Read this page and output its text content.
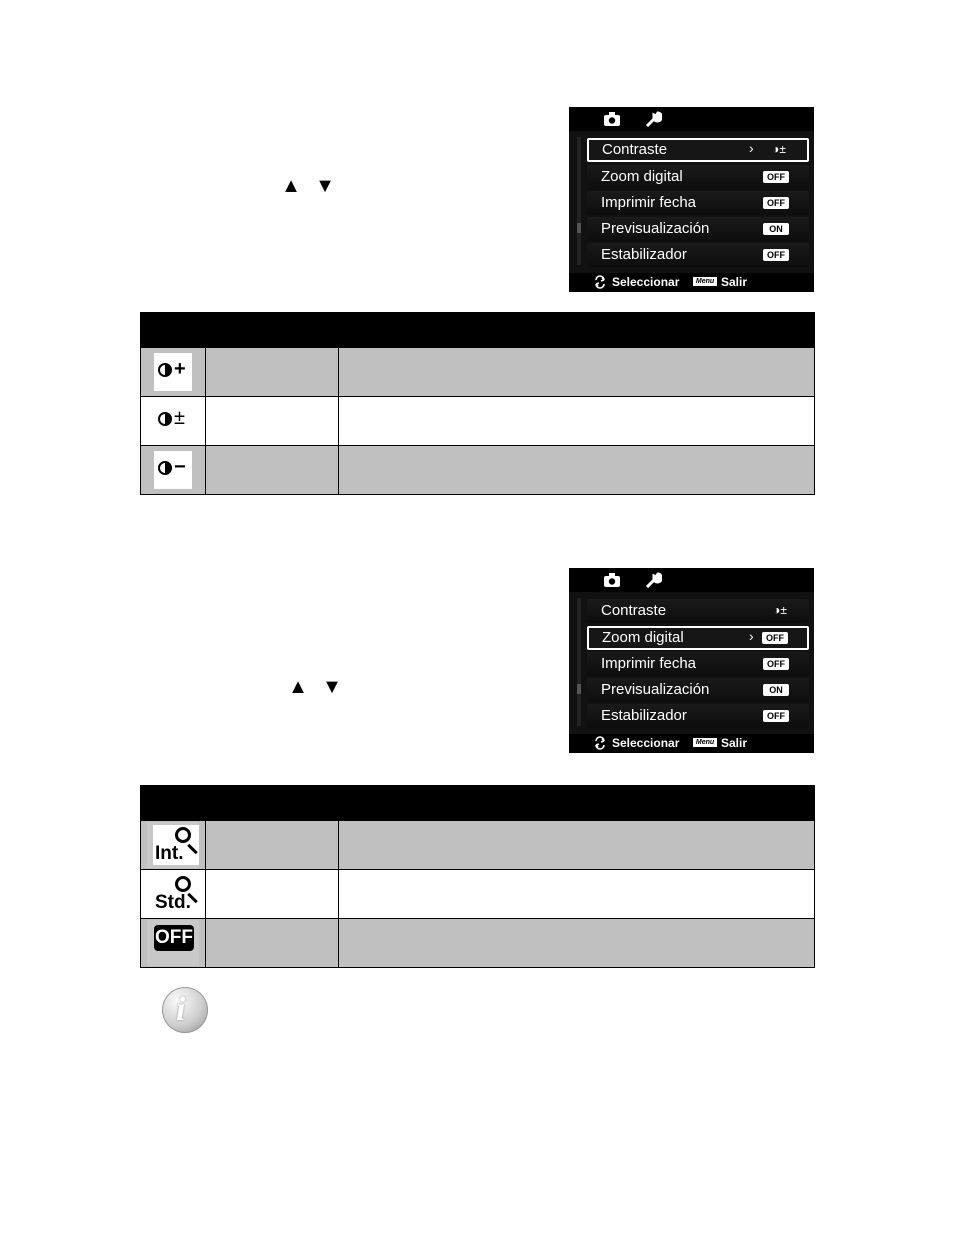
▲ ▼
Contraste	› ◑±
Zoom digital	OFF
Imprimir fecha	OFF
Previsualización	ON
Estabilizador	OFF
Seleccionar	Menu Salir

+		

±		

−		

▲ ▼
Contraste	◑±
Zoom digital	›	OFF
Imprimir fecha	OFF
Previsualización	ON
Estabilizador	OFF
Seleccionar	Menu Salir

Int.		

Std.		

OFF		

i
